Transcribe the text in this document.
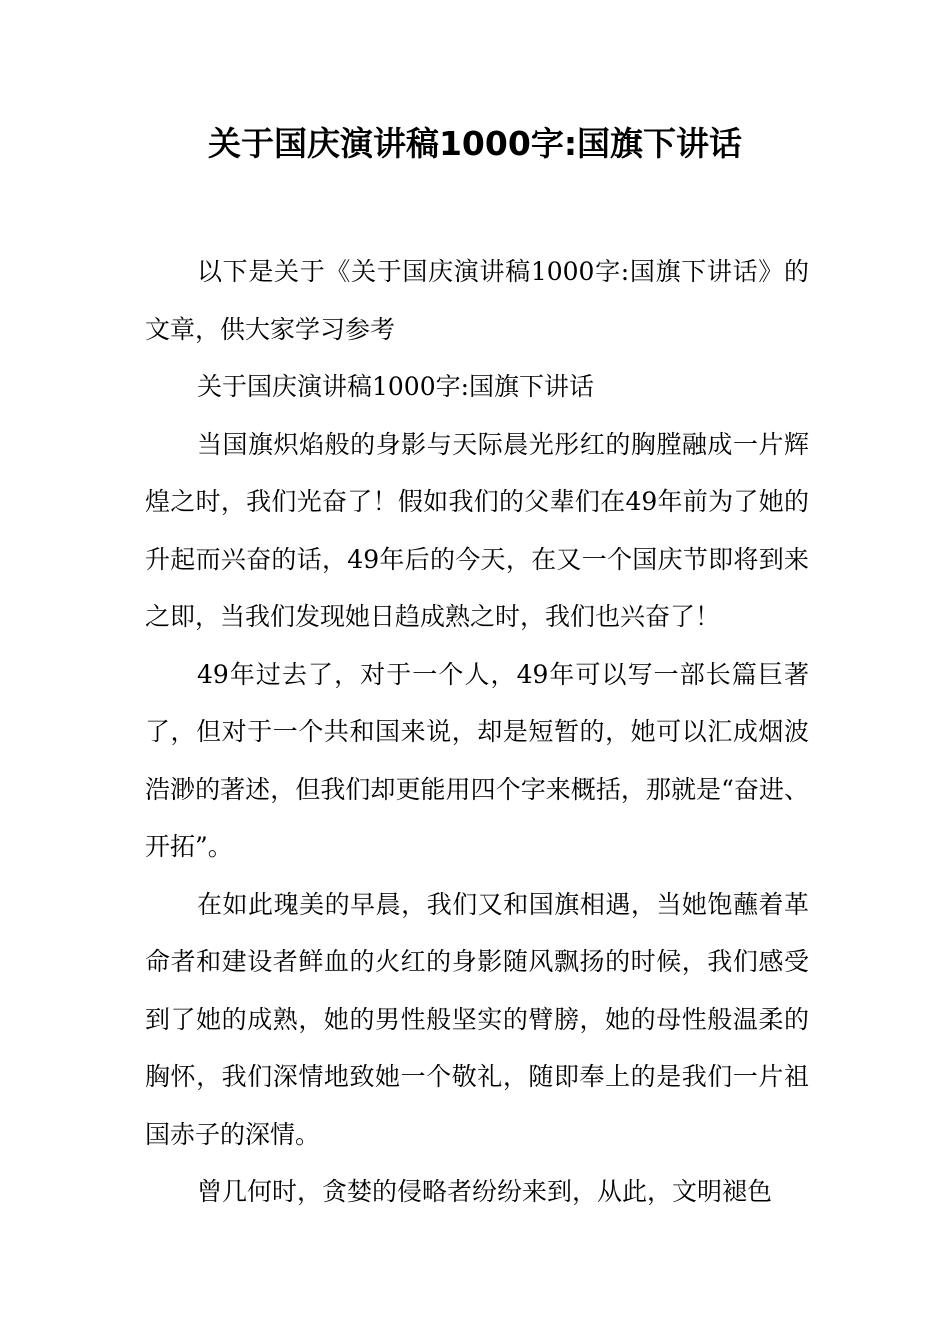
关于国庆演讲稿1000字:国旗下讲话

以下是关于《关于国庆演讲稿1000字:国旗下讲话》的文章，供大家学习参考

关于国庆演讲稿1000字:国旗下讲话

当国旗炽焰般的身影与天际晨光彤红的胸膛融成一片辉煌之时，我们光奋了！假如我们的父辈们在49年前为了她的升起而兴奋的话，49年后的今天，在又一个国庆节即将到来之即，当我们发现她日趋成熟之时，我们也兴奋了！

49年过去了，对于一个人，49年可以写一部长篇巨著了，但对于一个共和国来说，却是短暂的，她可以汇成烟波浩渺的著述，但我们却更能用四个字来概括，那就是“奋进、开拓”。

在如此瑰美的早晨，我们又和国旗相遇，当她饱蘸着革命者和建设者鲜血的火红的身影随风飘扬的时候，我们感受到了她的成熟，她的男性般坚实的臂膀，她的母性般温柔的胸怀，我们深情地致她一个敬礼，随即奉上的是我们一片祖国赤子的深情。

曾几何时，贪婪的侵略者纷纷来到，从此，文明褪色
